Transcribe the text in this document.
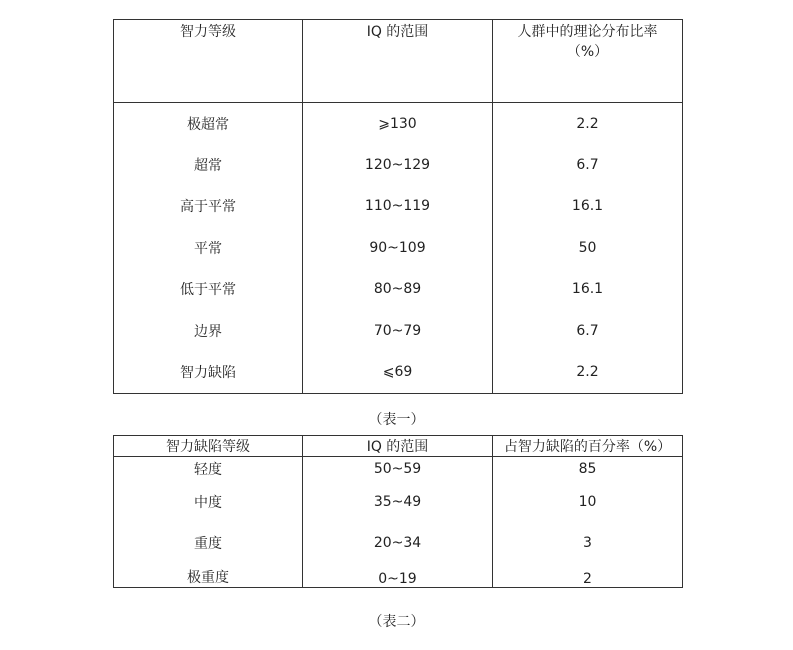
智力等级	IQ 的范围	人群中的理论分布比率
（%）

极超常	⩾130	2.2
超常	120~129	6.7
高于平常	110~119	16.1
平常	90~109	50
低于平常	80~89	16.1
边界	70~79	6.7
智力缺陷	⩽69	2.2
（表一）
智力缺陷等级	IQ 的范围	占智力缺陷的百分率（%）
轻度	50~59	85
中度	35~49	10
重度	20~34	3
极重度	0~19	2
（表二）
